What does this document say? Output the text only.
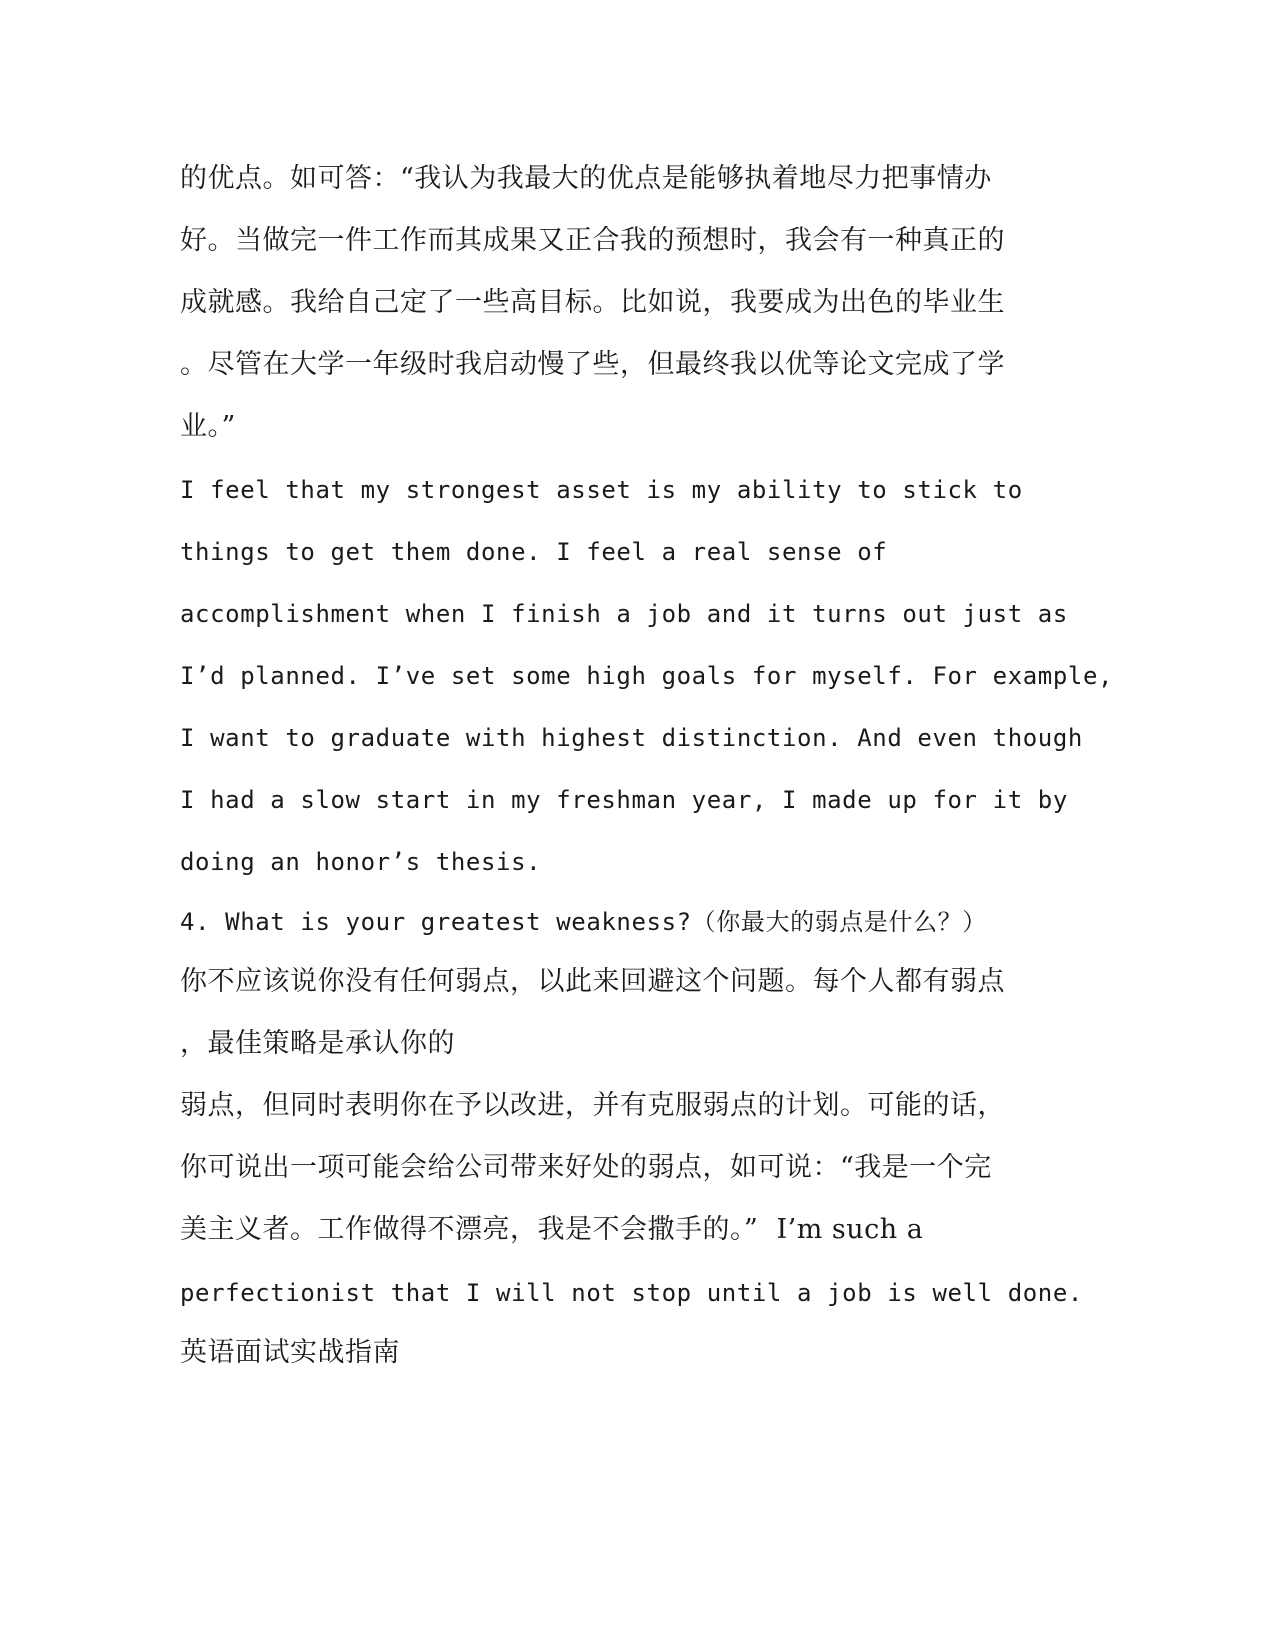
的优点。如可答：“我认为我最大的优点是能够执着地尽力把事情办
好。当做完一件工作而其成果又正合我的预想时，我会有一种真正的
成就感。我给自己定了一些高目标。比如说，我要成为出色的毕业生
。尽管在大学一年级时我启动慢了些，但最终我以优等论文完成了学
业。”
I feel that my strongest asset is my ability to stick to
things to get them done. I feel a real sense of
accomplishment when I finish a job and it turns out just as
I’d planned. I’ve set some high goals for myself. For example,
I want to graduate with highest distinction. And even though
I had a slow start in my freshman year, I made up for it by
doing an honor’s thesis.
4. What is your greatest weakness?（你最大的弱点是什么？）
你不应该说你没有任何弱点，以此来回避这个问题。每个人都有弱点
，最佳策略是承认你的
弱点，但同时表明你在予以改进，并有克服弱点的计划。可能的话，
你可说出一项可能会给公司带来好处的弱点，如可说：“我是一个完
美主义者。工作做得不漂亮，我是不会撒手的。”  I’m such a
perfectionist that I will not stop until a job is well done.
英语面试实战指南
